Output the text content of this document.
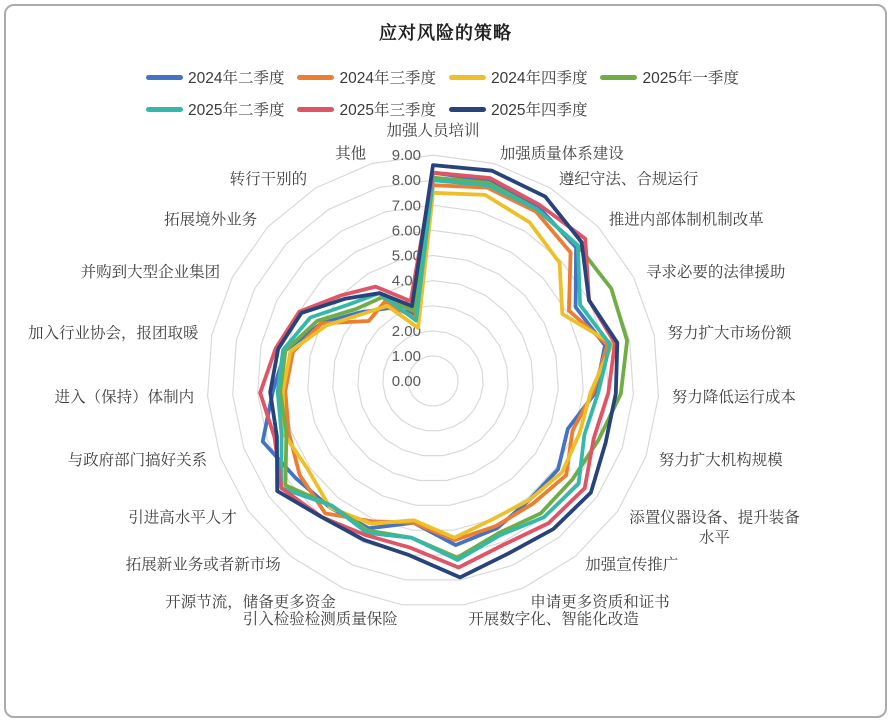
应对风险的策略
2024年二季度	2024年三季度	2024年四季度	2025年一季度
2025年二季度	2025年三季度	2025年四季度
0.00
1.00
2.00
3.00
4.00
5.00
6.00
7.00
8.00
9.00
加强人员培训
加强质量体系建设
遵纪守法、合规运行
推进内部体制机制改革
寻求必要的法律援助
努力扩大市场份额
努力降低运行成本
努力扩大机构规模
添置仪器设备、提升装备水平
加强宣传推广
申请更多资质和证书
开展数字化、智能化改造
引入检验检测质量保险
开源节流，储备更多资金
拓展新业务或者新市场
引进高水平人才
与政府部门搞好关系
进入（保持）体制内
加入行业协会，报团取暖
并购到大型企业集团
拓展境外业务
转行干别的
其他
